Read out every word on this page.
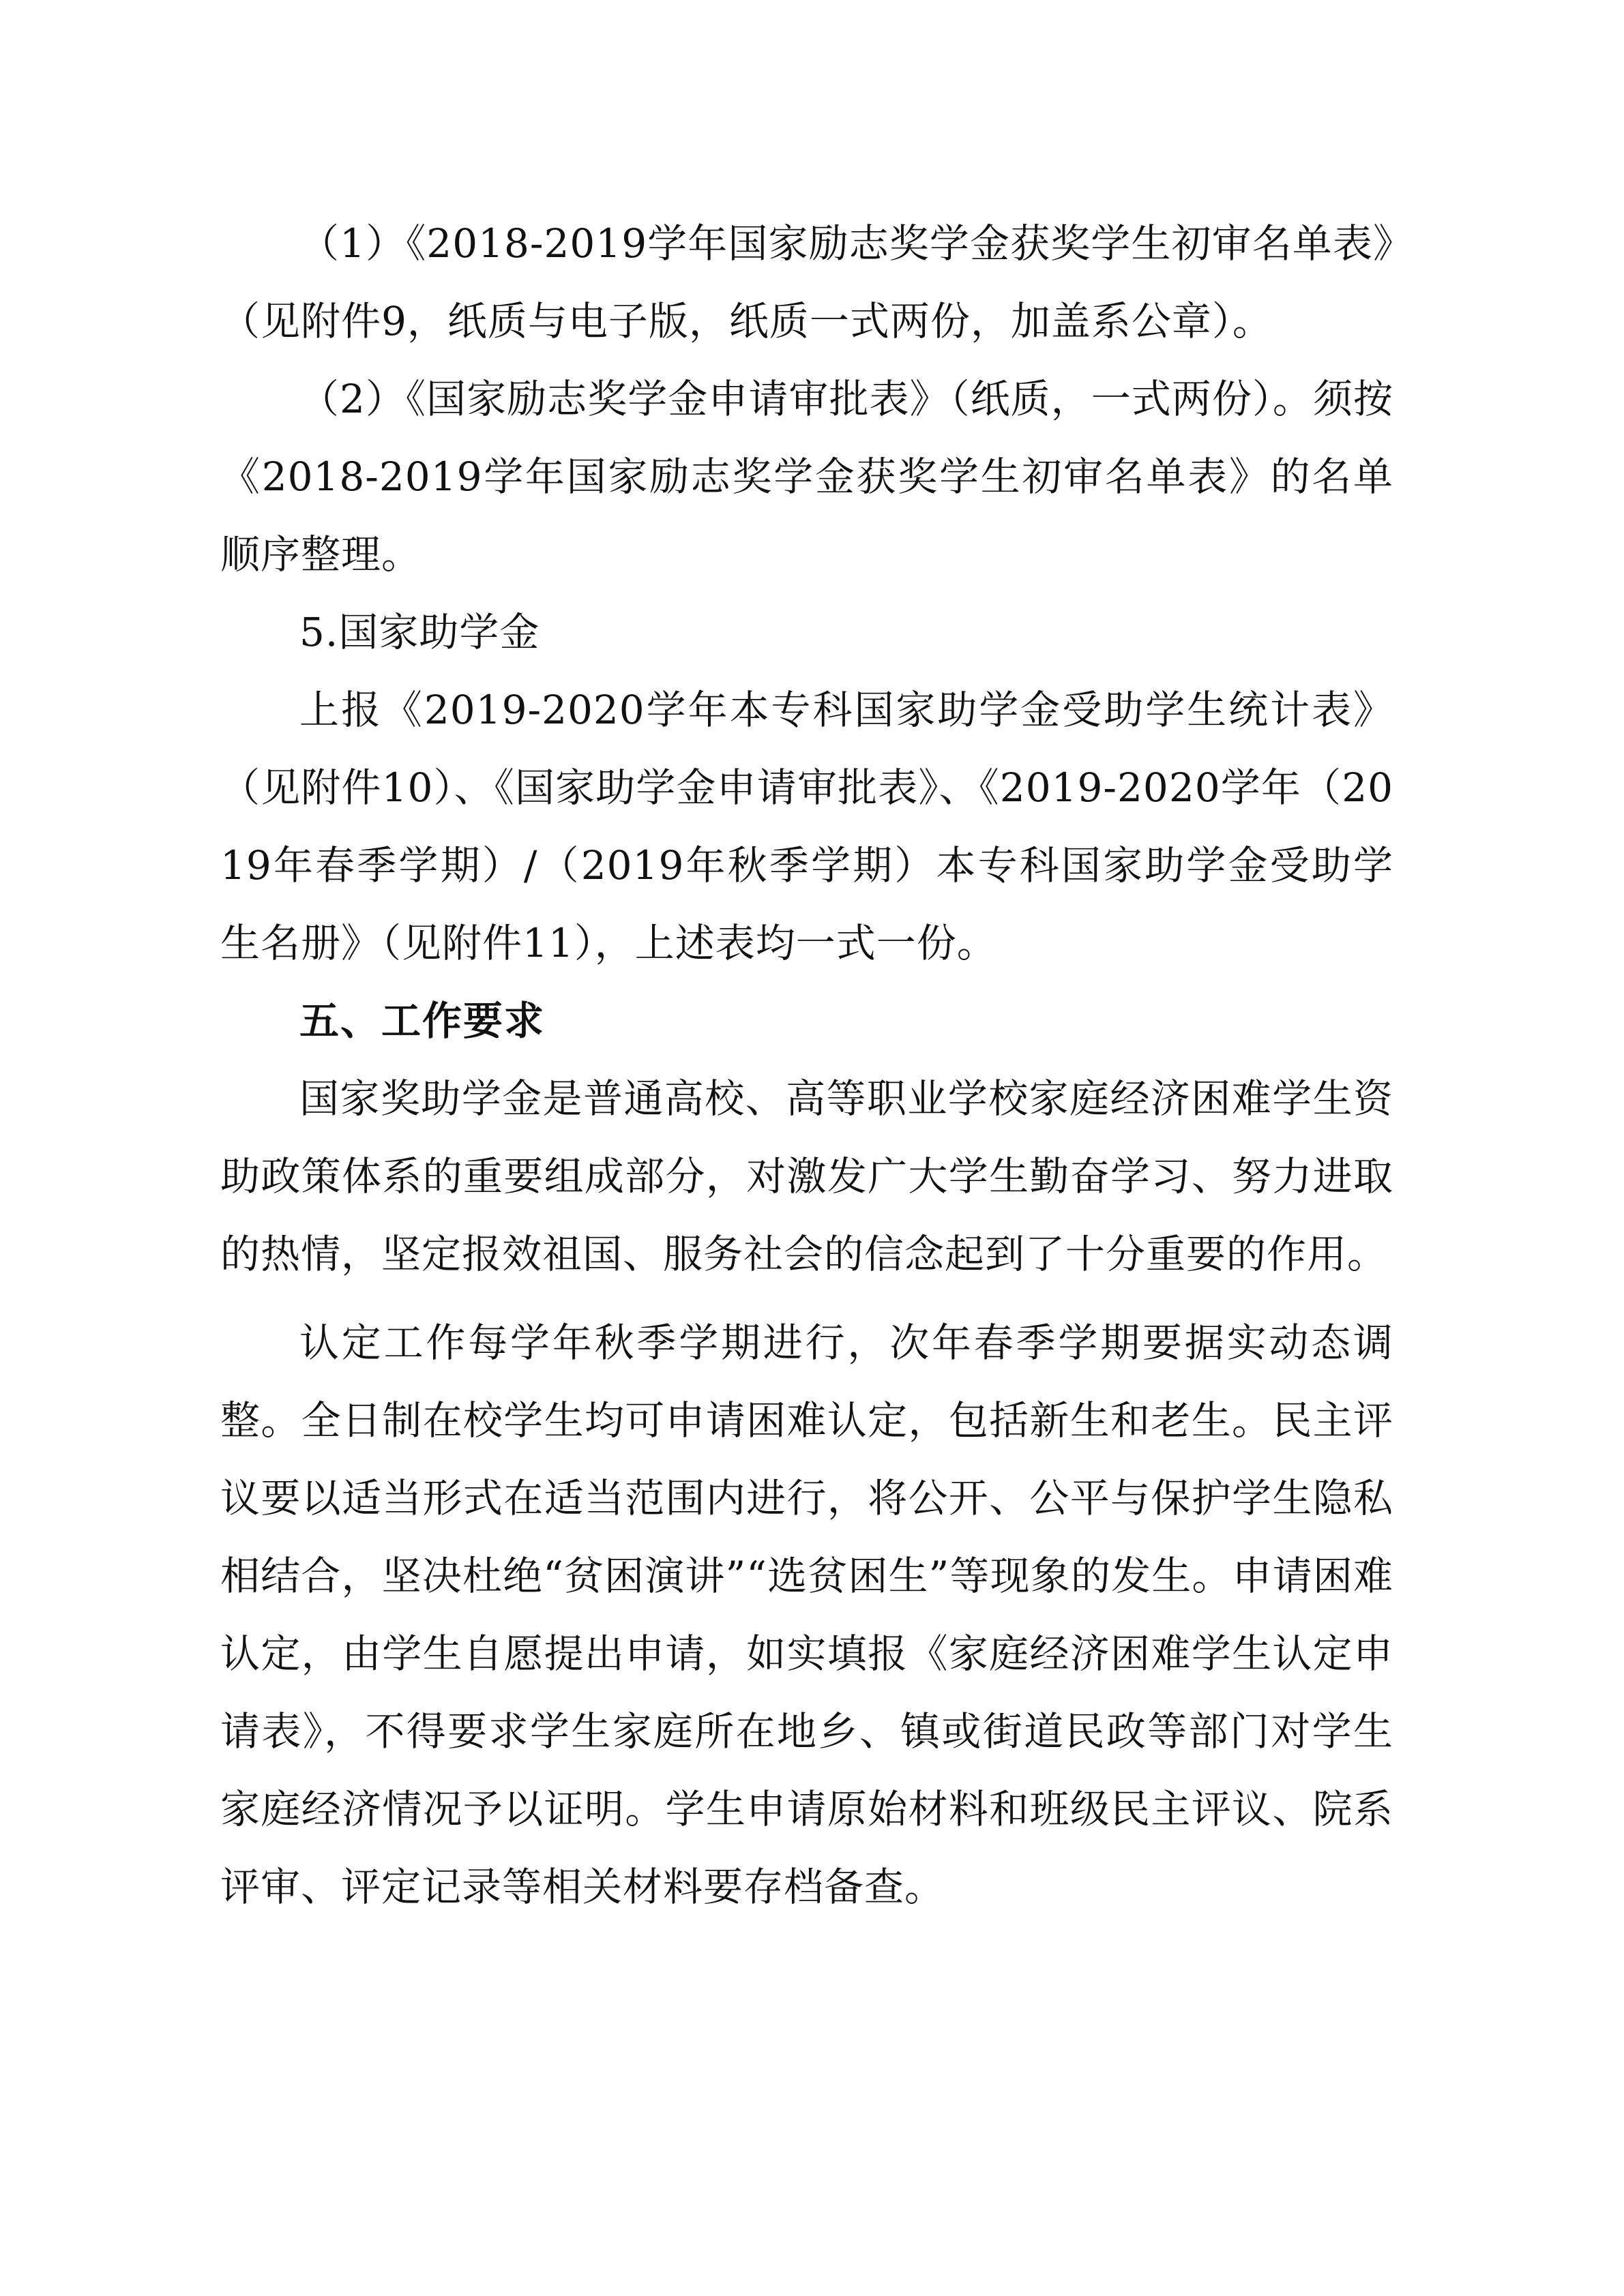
（1）《2018-2019学年国家励志奖学金获奖学生初审名单表》（见附件9，纸质与电子版，纸质一式两份，加盖系公章）。

（2）《国家励志奖学金申请审批表》（纸质，一式两份）。须按《2018-2019学年国家励志奖学金获奖学生初审名单表》的名单顺序整理。

5.国家助学金

上报《2019-2020学年本专科国家助学金受助学生统计表》（见附件10）、《国家助学金申请审批表》、《2019-2020学年（2019年春季学期）/（2019年秋季学期）本专科国家助学金受助学生名册》（见附件11），上述表均一式一份。

五、工作要求

国家奖助学金是普通高校、高等职业学校家庭经济困难学生资助政策体系的重要组成部分，对激发广大学生勤奋学习、努力进取的热情，坚定报效祖国、服务社会的信念起到了十分重要的作用。

认定工作每学年秋季学期进行，次年春季学期要据实动态调整。全日制在校学生均可申请困难认定，包括新生和老生。民主评议要以适当形式在适当范围内进行，将公开、公平与保护学生隐私相结合，坚决杜绝“贫困演讲”“选贫困生”等现象的发生。申请困难认定，由学生自愿提出申请，如实填报《家庭经济困难学生认定申请表》，不得要求学生家庭所在地乡、镇或街道民政等部门对学生家庭经济情况予以证明。学生申请原始材料和班级民主评议、院系评审、评定记录等相关材料要存档备查。
